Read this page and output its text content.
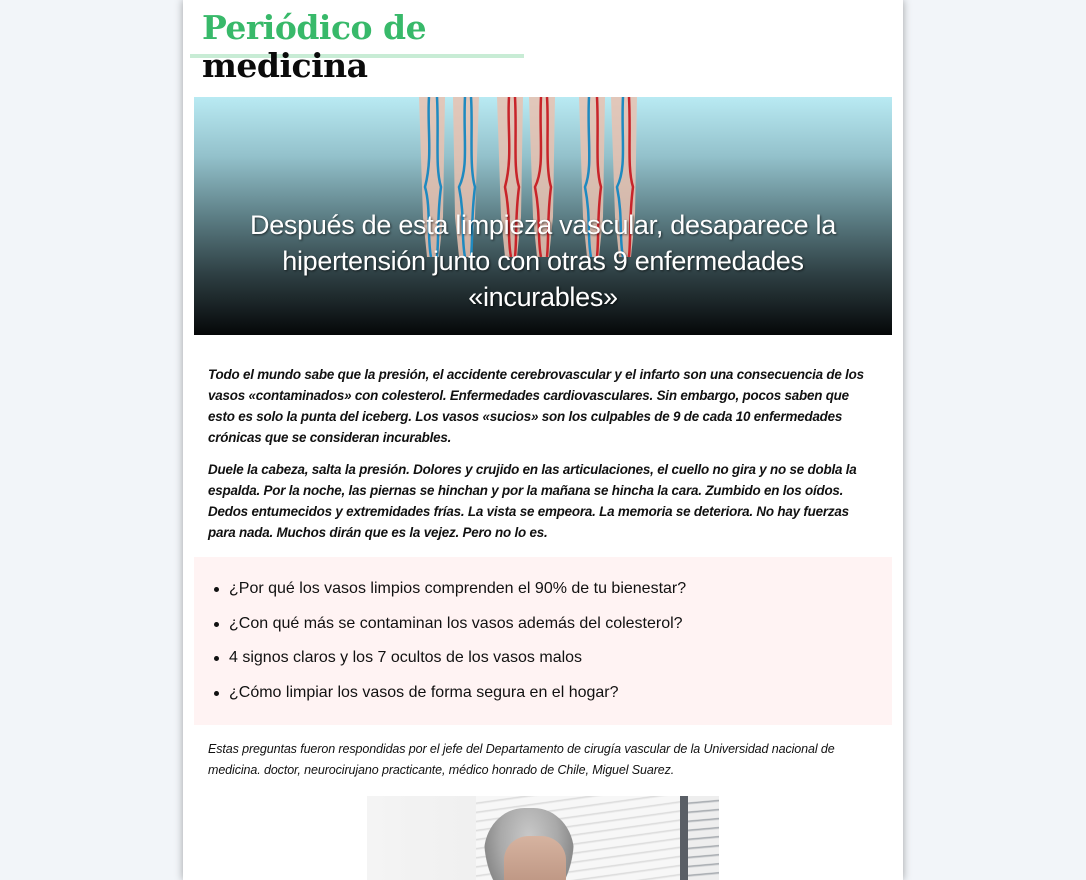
Periódico de
medicina
Después de esta limpieza vascular, desaparece la hipertensión junto con otras 9 enfermedades «incurables»

Todo el mundo sabe que la presión, el accidente cerebrovascular y el infarto son una consecuencia de los vasos «contaminados» con colesterol. Enfermedades cardiovasculares. Sin embargo, pocos saben que esto es solo la punta del iceberg. Los vasos «sucios» son los culpables de 9 de cada 10 enfermedades crónicas que se consideran incurables.

Duele la cabeza, salta la presión. Dolores y crujido en las articulaciones, el cuello no gira y no se dobla la espalda. Por la noche, las piernas se hinchan y por la mañana se hincha la cara. Zumbido en los oídos. Dedos entumecidos y extremidades frías. La vista se empeora. La memoria se deteriora. No hay fuerzas para nada. Muchos dirán que es la vejez. Pero no lo es.

¿Por qué los vasos limpios comprenden el 90% de tu bienestar?
¿Con qué más se contaminan los vasos además del colesterol?
4 signos claros y los 7 ocultos de los vasos malos
¿Cómo limpiar los vasos de forma segura en el hogar?

Estas preguntas fueron respondidas por el jefe del Departamento de cirugía vascular de la Universidad nacional de medicina. doctor, neurocirujano practicante, médico honrado de Chile, Miguel Suarez.
